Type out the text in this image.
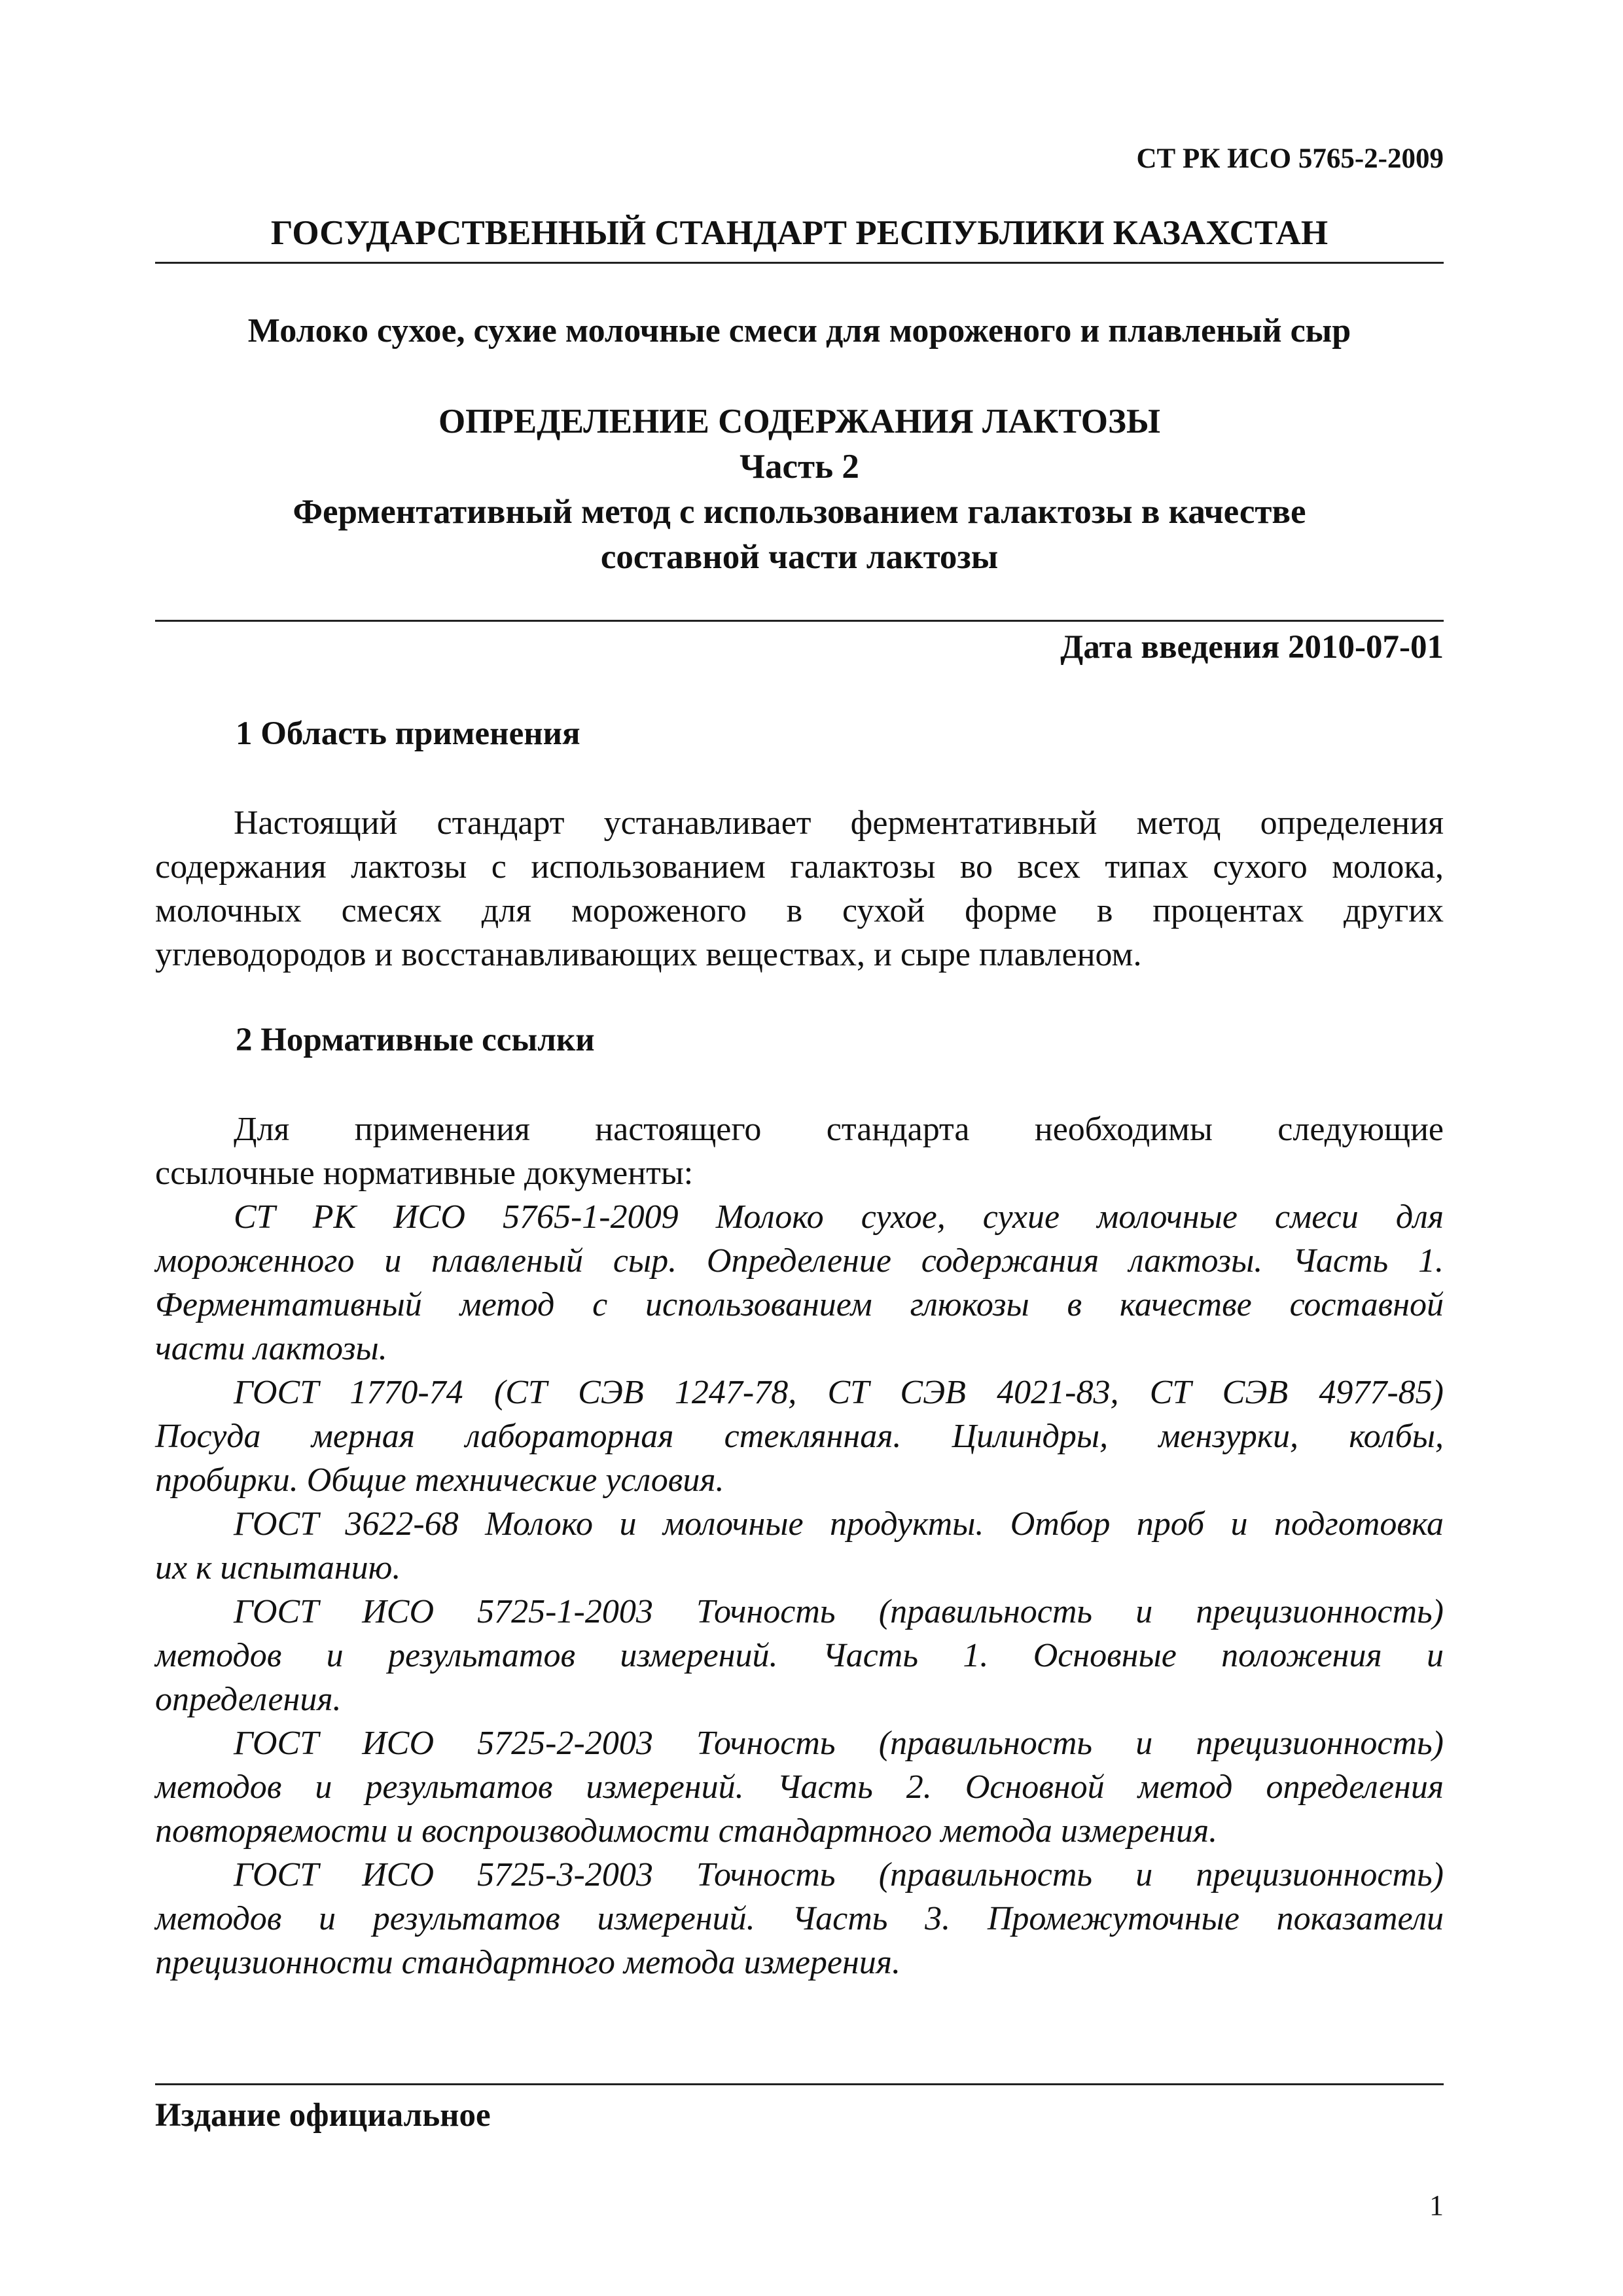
СТ РК ИСО 5765-2-2009
ГОСУДАРСТВЕННЫЙ СТАНДАРТ РЕСПУБЛИКИ КАЗАХСТАН
Молоко сухое, сухие молочные смеси для мороженого и плавленый сыр
ОПРЕДЕЛЕНИЕ СОДЕРЖАНИЯ ЛАКТОЗЫ
Часть 2
Ферментативный метод с использованием галактозы в качестве
составной части лактозы
Дата введения 2010-07-01
1 Область применения
Настоящий стандарт устанавливает ферментативный метод определения
содержания лактозы с использованием галактозы во всех типах сухого молока,
молочных смесях для мороженого в сухой форме в процентах других
углеводородов и восстанавливающих веществах, и сыре плавленом.
2 Нормативные ссылки
Для применения настоящего стандарта необходимы следующие
ссылочные нормативные документы:
СТ РК ИСО 5765-1-2009 Молоко сухое, сухие молочные смеси для
мороженного и плавленый сыр. Определение содержания лактозы. Часть 1.
Ферментативный метод с использованием глюкозы в качестве составной
части лактозы.
ГОСТ 1770-74 (СТ СЭВ 1247-78, СТ СЭВ 4021-83, СТ СЭВ 4977-85)
Посуда мерная лабораторная стеклянная. Цилиндры, мензурки, колбы,
пробирки. Общие технические условия.
ГОСТ 3622-68 Молоко и молочные продукты. Отбор проб и подготовка
их к испытанию.
ГОСТ ИСО 5725-1-2003 Точность (правильность и прецизионность)
методов и результатов измерений. Часть 1. Основные положения и
определения.
ГОСТ ИСО 5725-2-2003 Точность (правильность и прецизионность)
методов и результатов измерений. Часть 2. Основной метод определения
повторяемости и воспроизводимости стандартного метода измерения.
ГОСТ ИСО 5725-3-2003 Точность (правильность и прецизионность)
методов и результатов измерений. Часть 3. Промежуточные показатели
прецизионности стандартного метода измерения.
Издание официальное
1
